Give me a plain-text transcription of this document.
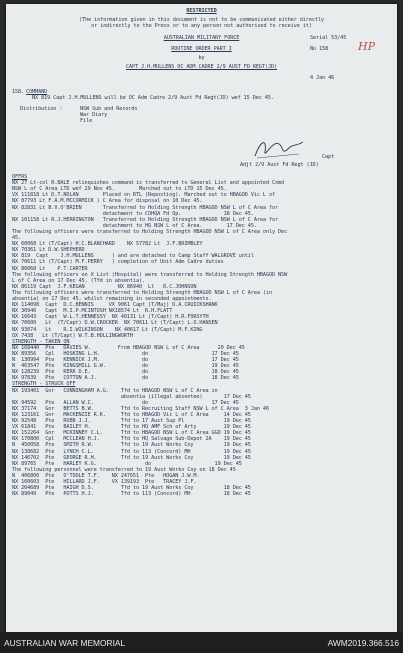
RESTRICTED
(The information given in this document is not to be communicated either directly
or indirectly to the Press or to any person not authorised to receive it)
HP
AUSTRALIAN MILITARY FORCE	Serial 53/45
ROUTINE ORDER PART I	No 158
by
CAPT J.H.MULLENS OC ADM CADRE 2/9 AUST FD REGT(JD)
4 Jan 46
158. COMMAND
NX 819 Capt J.H.MULLENS will be OC Adm Cadre 2/9 Aust Fd Regt(JD) wef 15 Dec 45.
Distribution :	NSW Sub and Records
War Diary
File
Capt
Adjt 2/9 Aust Fd Regt (JD)
OFFRS
NX 27 Lt-col R.BALE relinquishes command is transferred to General List and appointed Comd
NSW L of C Area LTD wef 29 Nov 45.        Marched out to LTD 15 Dec 45.
VX 111818 Lt D.T.NOLAN        Placed on RTL (Reposting). Marched out to HBAGOD Vic L of
NX 87793 Lt F.A.M.MCCORMICK ) C Area for disposal on 10 Dec 45.
NX 82831 Lt B.V.O'BRIEN       Transferred to Holding Strength HBAGOD NSW L of C Area for
detachment to COHQA Fd Op.              18 Dec 45.
NX 101158 Lt R.J.HERRINGTON   Transferred to Holding Strength HBAGOD NSW L of C Area for
detachment to HQ NSW L of C Area.        17 Dec 45.
The following officers were transferred to Holding Strength HBAGOD NSW L of C Area only Dec
45.
NX 60068 Lt (T/Capt) H.C.BLANCHARD    NX 57782 Lt  J.F.BRIMBLEY
NX 70361 Lt D.W.SHEPHERD
NX 819  Capt    J.H.MULLENS      ) and are detached to Camp Staff WALGROVE until
NX 70611 Lt (T/Capt) M.F.PERRY   ) completion of Unit Adm Cadre duties
NX 86068 Lt    P.T.CARTER
The following officers on X List (Hospital) were transferred to Holding Strength HBAGOD NSW
L of C Area on 17 Dec 45. (Tfd in absentia).
NX 86119 Capt  J.F.KEGAN           NX 86940  Lt   R.C.JOHNSON
The following officers were transferred to Holding Strength HBAGOD NSW L of C Area (in
absentia) on 17 Dec 45, whilst remaining in seconded appointments.
NX 114098  Capt  D.C.BENNIS     VX 9061 Capt (T/Maj) D.A.CRUICKSHANK
NX 30946   Capt  M.I.P.MCINTOSH NX18574 Lt  R.H.FLATT
NX 16643   Capt  W.L.T.HENNESSY  NX 40131 Lt (T/Capt) H.R.FORSYTH
NX 70600   Lt  (T/Capt) D.W.CROCKER  NX 70611 Lt (T/Capt) L.O.HANSEN
NX 93074   Lt    R.I.WILKINSON    NX 40617 Lt (T/Capt) M.F.KING
QX 7438   Lt (T/Capt) W.T.B.HOLLINGWORTH
STRENGTH - TAKEN ON
NX 168440  Pte   DAVIES W.         From HBAGOD NSW L of C Area      20 Dec 45
NX 89356   Cpl   HOSKING L.H.              do                     17 Dec 45
N  130994  Pte   KENNICK J.M.              do                     17 Dec 45
N  463547  Pte   KINGSMILL G.W.            do                     19 Dec 45
NX 128239  Pte   KERR D.E.                 do                     18 Dec 45
NX 97839   Pte   COTTON A.J.               do                     18 Dec 45
STRENGTH - STRUCK OFF
NX 193401  Gnr   CUNNINGHAM A.G.    Tfd to HBAGOD NSW L of C Area in
absentia (illegal absentee)       17 Dec 45
NX 94592   Pte   ALLAN W.C.                do                     17 Dec 45
NX 37174   Gnr   BETTS B.W.         Tfd to Recruiting Staff NSW L of C Area  3 Jan 46
NX 123161  Gnr   MACKENZIE R.K.     Tfd to HBAGOD Vic L of C Area     14 Dec 45
NX 92548   Pte   ROBB J.J.          Tfd to 17 Aust Sup Pl             19 Dec 45
VX 61841   Pte   BAILEY H.          Tfd to HQ AMF Sch of Arty         19 Dec 45
NX 152264  Gnr   MCKINNEY C.L.      Tfd to HBAGOD NSW L of C Area GGD 19 Dec 45
NX 170800  Cpl   MCCLEAN H.J.       Tfd to HQ Salvage Sub-Depot 2A    19 Dec 45
N  450058  Pte   SMITH R.W.         Tfd to 19 Aust Works Coy          19 Dec 45
NX 138682  Pte   LYNCH C.L.         Tfd to 113 (Concord) MH           19 Dec 45
NX 146702  Pte   GEORGE R.H.        Tfd to 19 Aust Works Coy          19 Dec 45
NX 89765   Pte   HARLEY K.G.                do                     19 Dec 45
The following personnel were transferred to 19 Aust Works Coy on 18 Dec 45
N  406800  Pte   O'TOOLE T.F.    NX 247651  Pte   HOGAN J.W.M.
NX 160603  Pte   HILLARD J.F.    VX 139193  Pte   TRACEY J.F.
NX 204689  Pte   HAIGH D.S.         Tfd to 19 Aust Works Coy          18 Dec 45
NX 89049   Pte   POTTS H.J.         Tfd to 113 (Concord) MH           18 Dec 45
AUSTRALIAN WAR MEMORIAL	AWM2019.366.516
